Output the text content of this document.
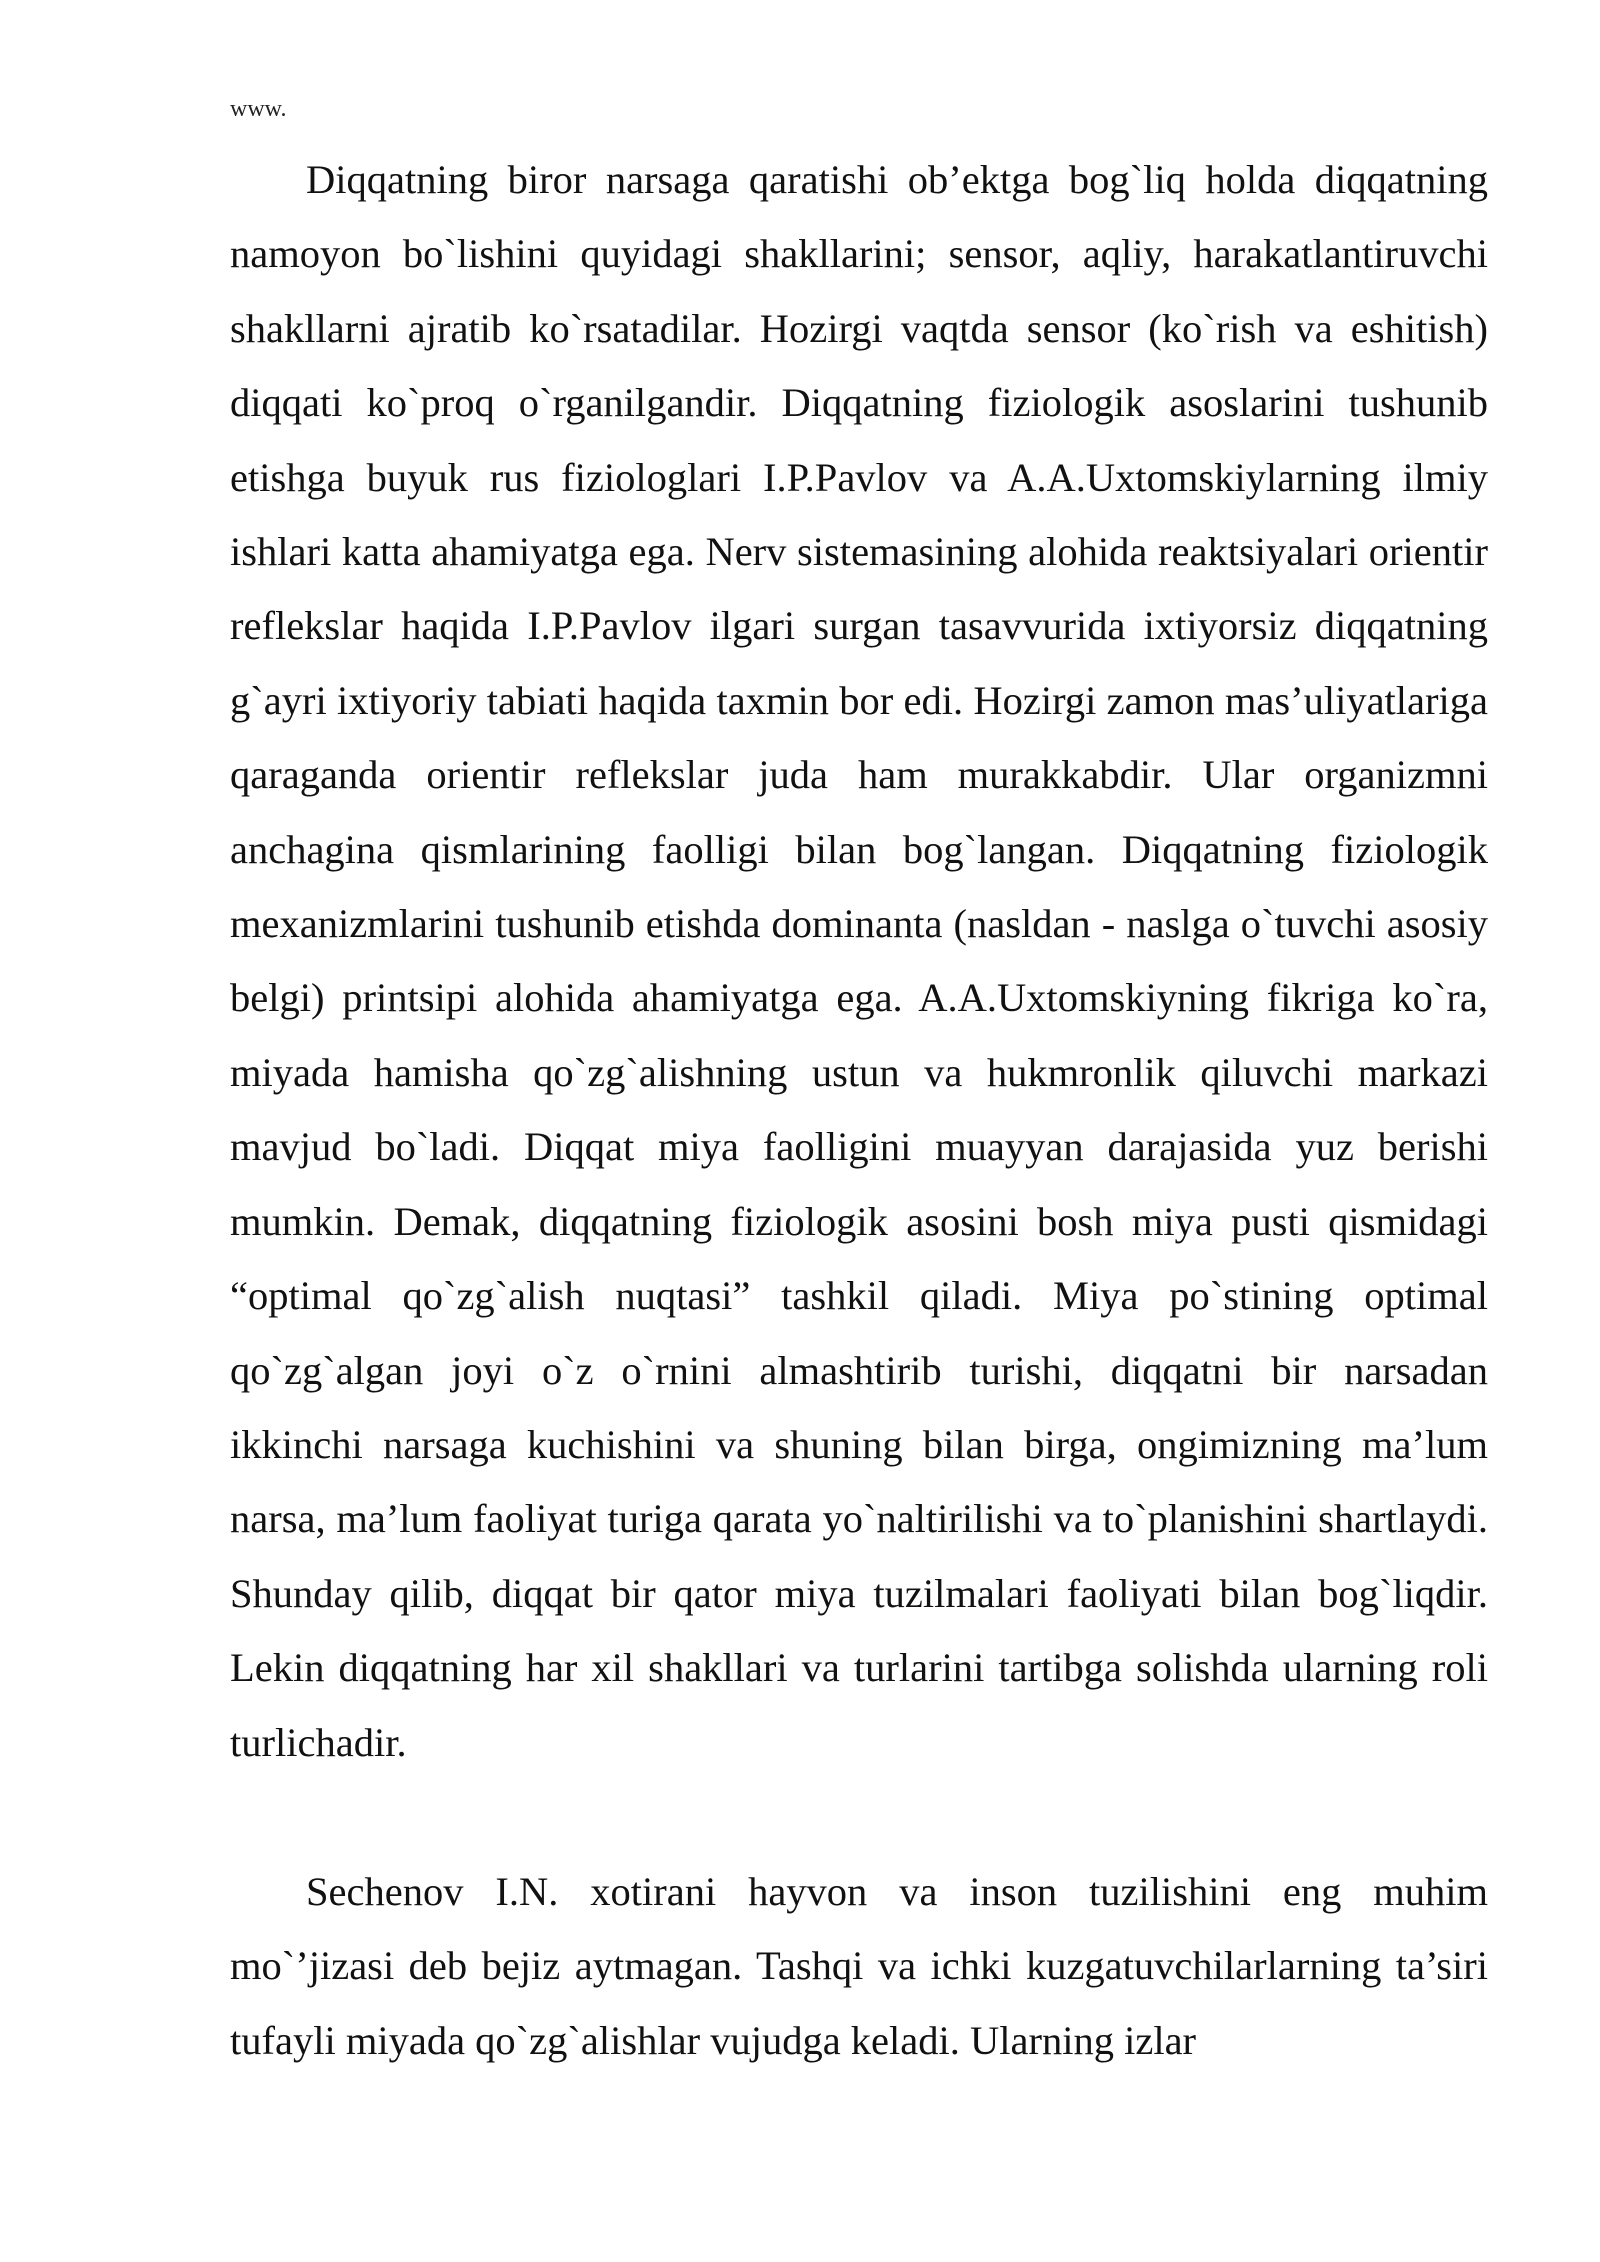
www.

Diqqatning biror narsaga qaratishi ob’ektga bog`liq holda diqqatning namoyon bo`lishini quyidagi shakllarini; sensor, aqliy, harakatlantiruvchi shakllarni ajratib ko`rsatadilar. Hozirgi vaqtda sensor (ko`rish va eshitish) diqqati ko`proq o`rganilgandir. Diqqatning fiziologik asoslarini tushunib etishga buyuk rus fiziologlari I.P.Pavlov va A.A.Uxtomskiylarning ilmiy ishlari katta ahamiyatga ega. Nerv sistemasining alohida reaktsiyalari orientir reflekslar haqida I.P.Pavlov ilgari surgan tasavvurida ixtiyorsiz diqqatning g`ayri ixtiyoriy tabiati haqida taxmin bor edi. Hozirgi zamon mas’uliyatlariga qaraganda orientir reflekslar juda ham murakkabdir. Ular organizmni anchagina qismlarining faolligi bilan bog`langan. Diqqatning fiziologik mexanizmlarini tushunib etishda dominanta (nasldan - naslga o`tuvchi asosiy belgi) printsipi alohida ahamiyatga ega. A.A.Uxtomskiyning fikriga ko`ra, miyada hamisha qo`zg`alishning ustun va hukmronlik qiluvchi markazi mavjud bo`ladi. Diqqat miya faolligini muayyan darajasida yuz berishi mumkin. Demak, diqqatning fiziologik asosini bosh miya pusti qismidagi “optimal qo`zg`alish nuqtasi” tashkil qiladi. Miya po`stining optimal qo`zg`algan joyi o`z o`rnini almashtirib turishi, diqqatni bir narsadan ikkinchi narsaga kuchishini va shuning bilan birga, ongimizning ma’lum narsa, ma’lum faoliyat turiga qarata yo`naltirilishi va to`planishini shartlaydi. Shunday qilib, diqqat bir qator miya tuzilmalari faoliyati bilan bog`liqdir. Lekin diqqatning har xil shakllari va turlarini tartibga solishda ularning roli turlichadir.

Sechenov I.N. xotirani hayvon va inson tuzilishini eng muhim mo`’jizasi deb bejiz aytmagan. Tashqi va ichki kuzgatuvchilarlarning ta’siri tufayli miyada qo`zg`alishlar vujudga keladi. Ularning izlar
